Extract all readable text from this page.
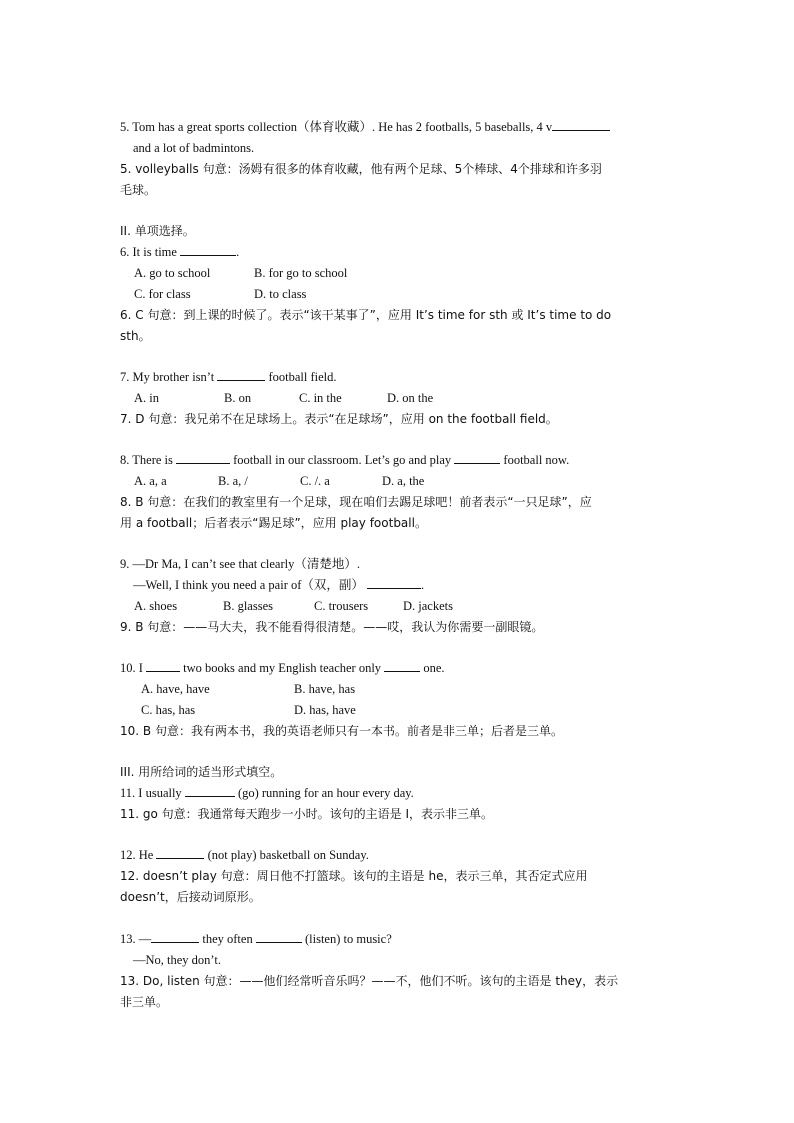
5. Tom has a great sports collection（体育收藏）. He has 2 footballs, 5 baseballs, 4 v
and a lot of badmintons.
5. volleyballs 句意：汤姆有很多的体育收藏，他有两个足球、5个棒球、4个排球和许多羽
毛球。
II. 单项选择。
6. It is time	.
A. go to school	B. for go to school
C. for class	D. to class
6. C 句意：到上课的时候了。表示“该干某事了”，应用 It’s time for sth 或 It’s time to do
sth。
7. My brother isn’t	football field.
A. in	B. on	C. in the	D. on the
7. D 句意：我兄弟不在足球场上。表示“在足球场”，应用 on the football field。
8. There is	football in our classroom. Let’s go and play	football now.
A. a, a	B. a, /	C. /. a	D. a, the
8. B 句意：在我们的教室里有一个足球，现在咱们去踢足球吧！前者表示“一只足球”，应
用 a football；后者表示“踢足球”，应用 play football。
9. —Dr Ma, I can’t see that clearly（清楚地）.
—Well, I think you need a pair of（双，副）	.
A. shoes	B. glasses	C. trousers	D. jackets
9. B 句意：——马大夫，我不能看得很清楚。——哎，我认为你需要一副眼镜。
10. I	two books and my English teacher only	one.
A. have, have	B. have, has
C. has, has	D. has, have
10. B 句意：我有两本书，我的英语老师只有一本书。前者是非三单；后者是三单。
III. 用所给词的适当形式填空。
11. I usually	(go) running for an hour every day.
11. go 句意：我通常每天跑步一小时。该句的主语是 I，表示非三单。
12. He	(not play) basketball on Sunday.
12. doesn’t play 句意：周日他不打篮球。该句的主语是 he，表示三单，其否定式应用
doesn’t，后接动词原形。
13. —	they often	(listen) to music?
—No, they don’t.
13. Do, listen 句意：——他们经常听音乐吗？——不，他们不听。该句的主语是 they，表示
非三单。
